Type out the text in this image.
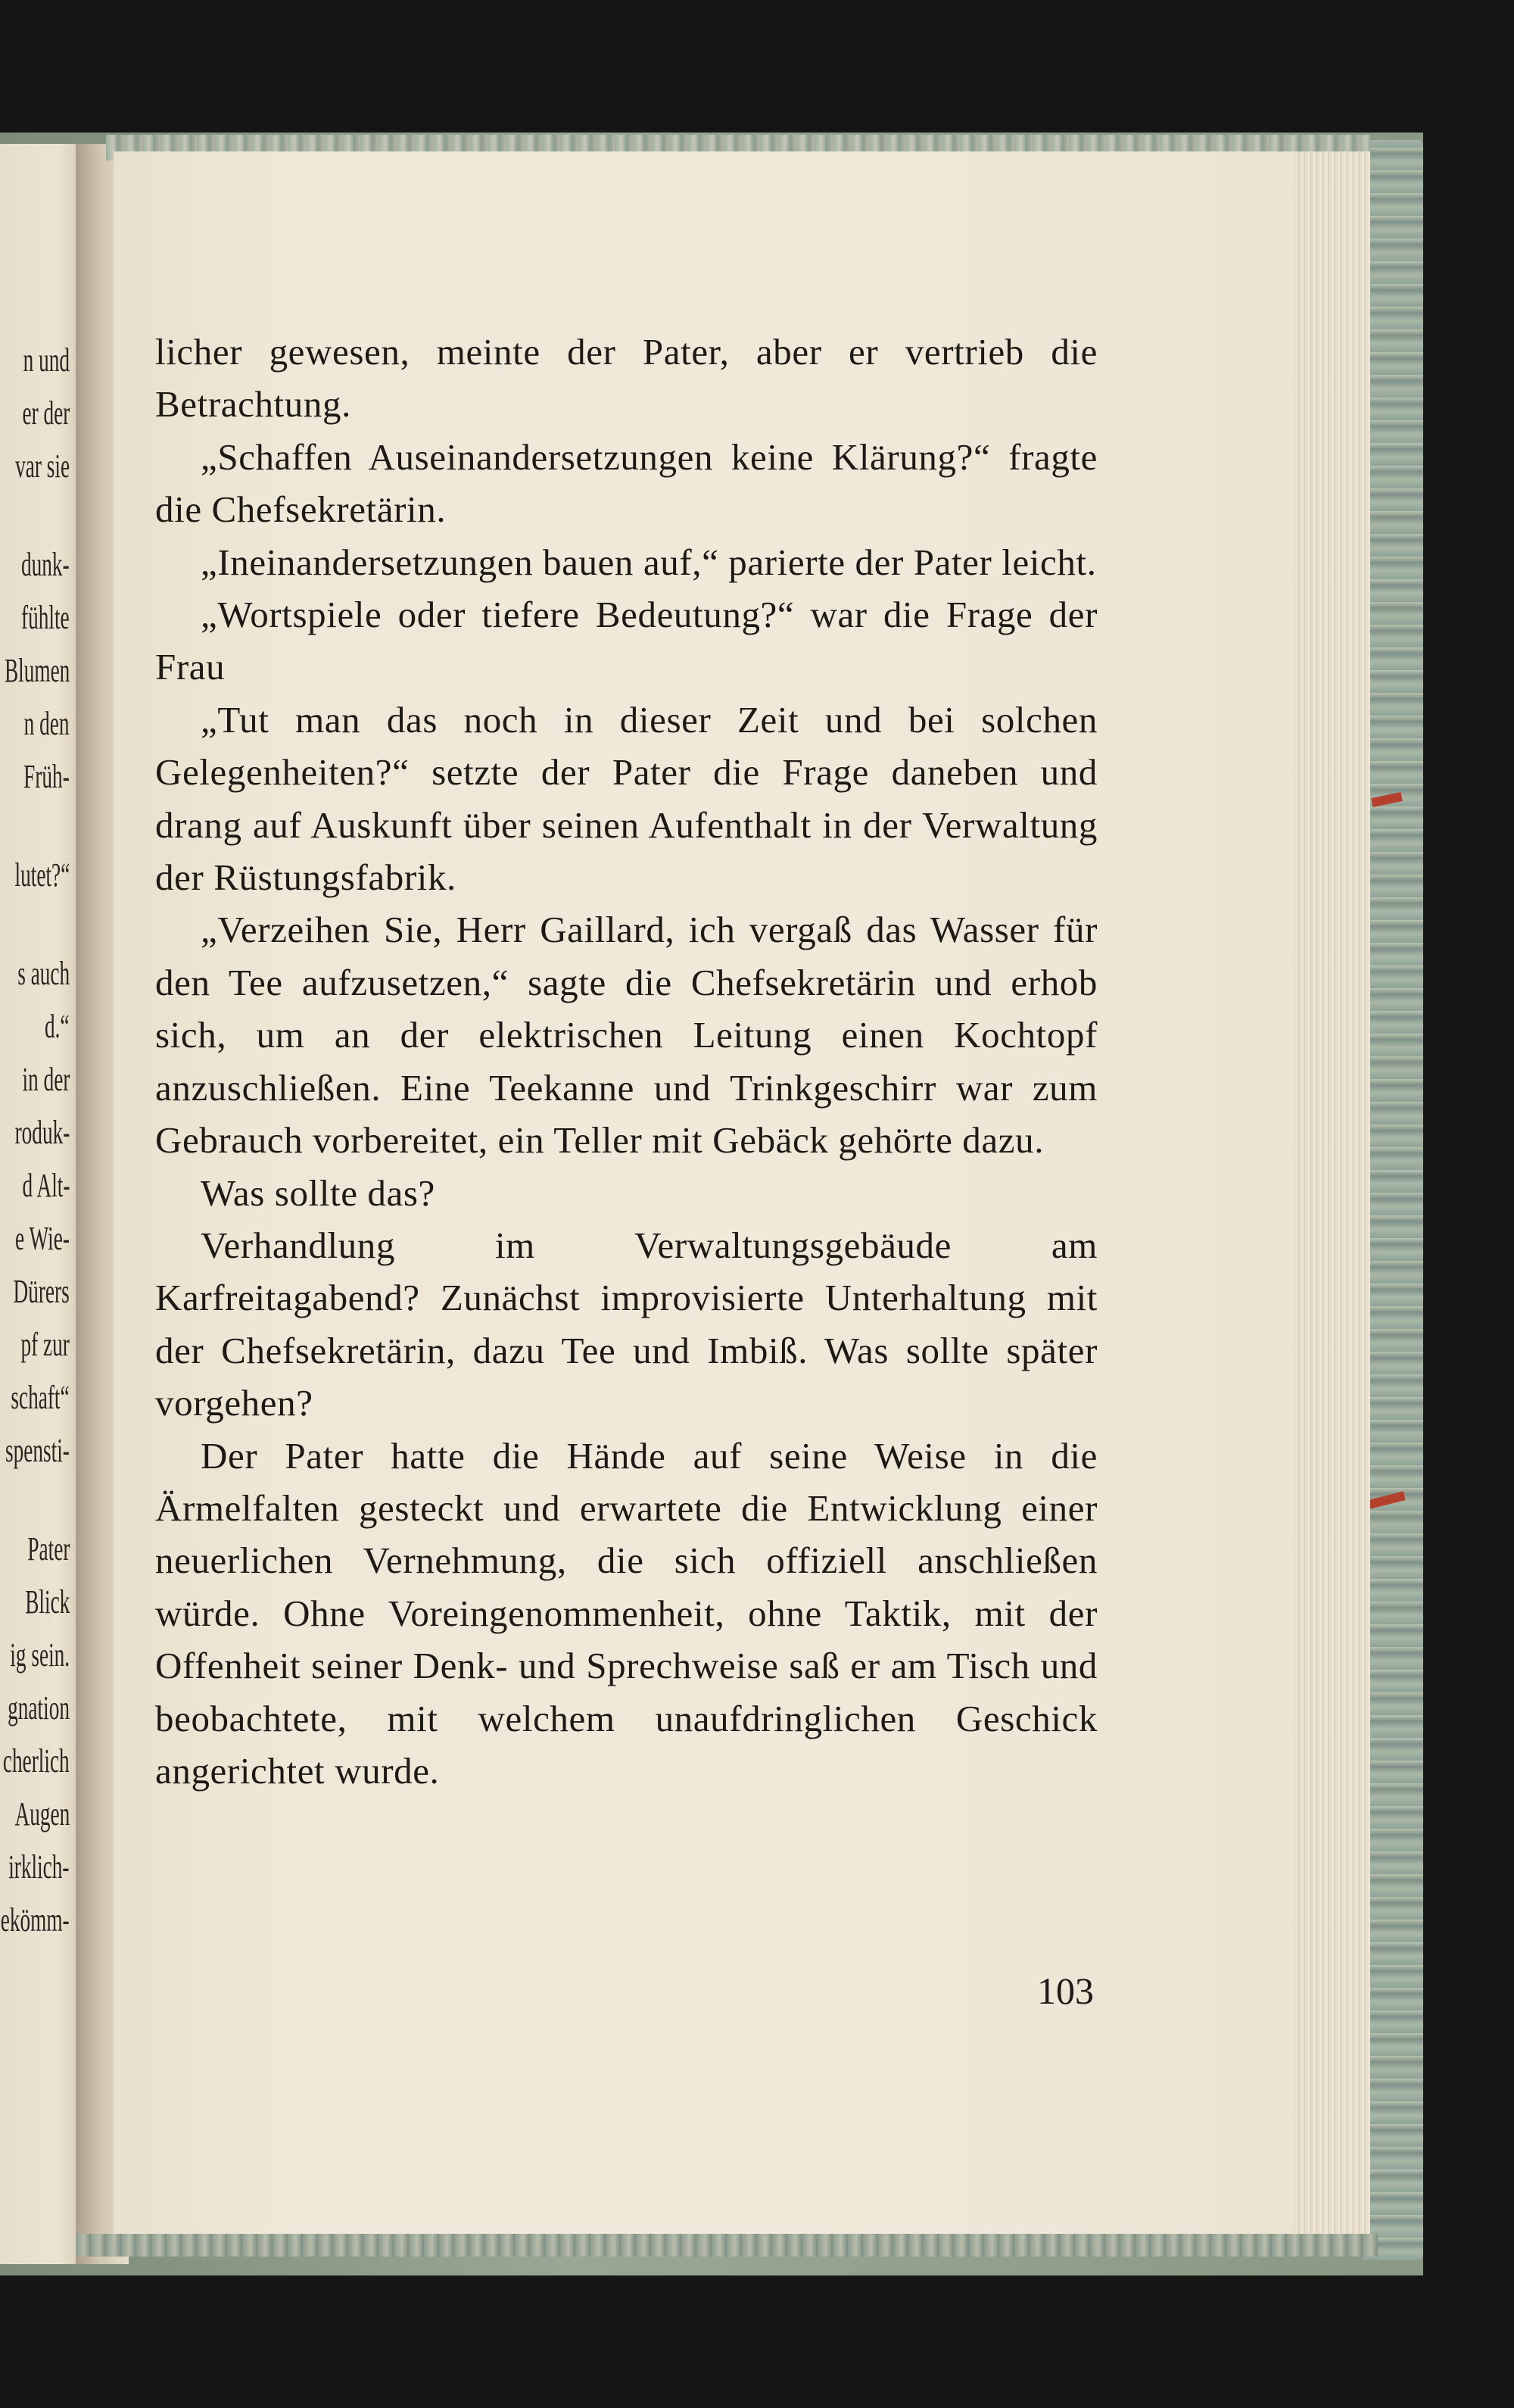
n und
er der
var sie
dunk-
fühlte
Blumen
n den
Früh-
lutet?“
s auch
d.“
in der
roduk-
d Alt-
e Wie-
Dürers
pf zur
schaft“
spensti-
Pater
Blick
ig sein.
gnation
cherlich
Augen
irklich-
ekömm-

licher gewesen, meinte der Pater, aber er vertrieb die Betrachtung.

„Schaffen Auseinandersetzungen keine Klärung?“ fragte die Chefsekretärin.

„Ineinandersetzungen bauen auf,“ parierte der Pater leicht.

„Wortspiele oder tiefere Bedeutung?“ war die Frage der Frau

„Tut man das noch in dieser Zeit und bei solchen Gelegenheiten?“ setzte der Pater die Frage daneben und drang auf Auskunft über seinen Aufenthalt in der Verwaltung der Rüstungsfabrik.

„Verzeihen Sie, Herr Gaillard, ich vergaß das Wasser für den Tee aufzusetzen,“ sagte die Chefsekretärin und erhob sich, um an der elektrischen Leitung einen Kochtopf anzuschließen. Eine Teekanne und Trinkgeschirr war zum Gebrauch vorbereitet, ein Teller mit Gebäck gehörte dazu.

Was sollte das?

Verhandlung im Verwaltungsgebäude am Karfreitagabend? Zunächst improvisierte Unterhaltung mit der Chefsekretärin, dazu Tee und Imbiß. Was sollte später vorgehen?

Der Pater hatte die Hände auf seine Weise in die Ärmelfalten gesteckt und erwartete die Entwicklung einer neuerlichen Vernehmung, die sich offiziell anschließen würde. Ohne Voreingenommenheit, ohne Taktik, mit der Offenheit seiner Denk- und Sprechweise saß er am Tisch und beobachtete, mit welchem unaufdringlichen Geschick angerichtet wurde.

103
